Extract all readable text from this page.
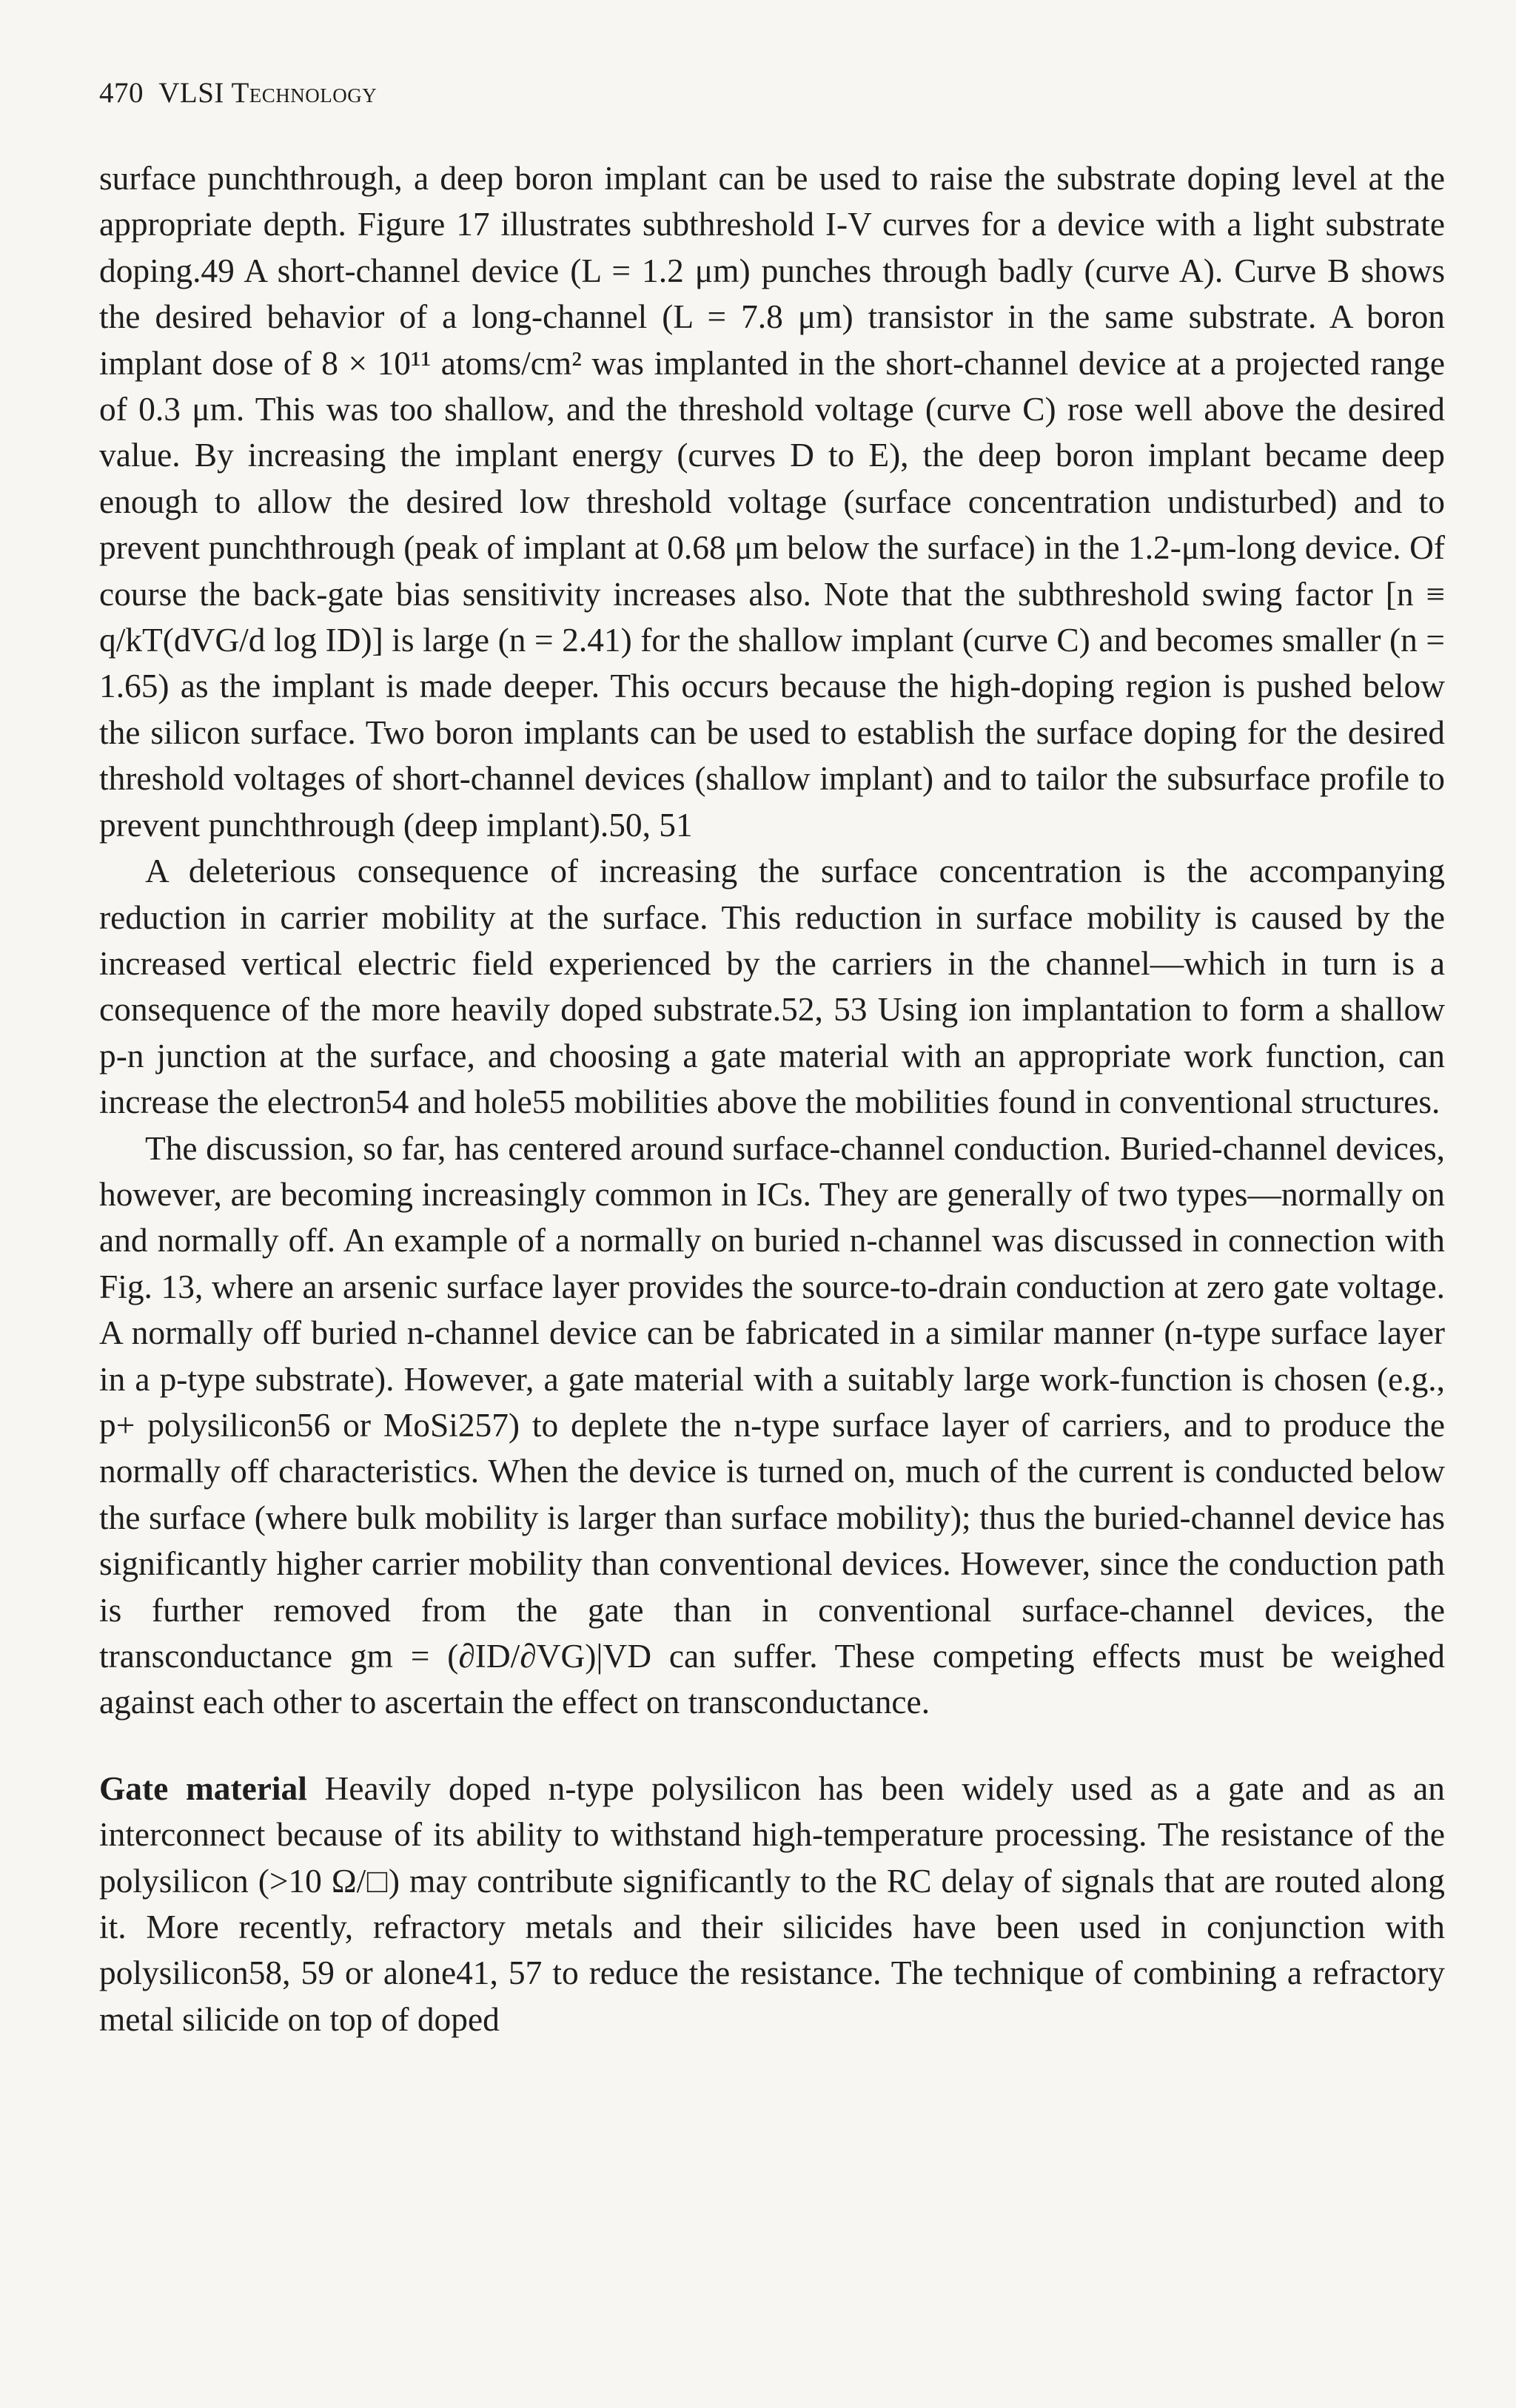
470 VLSI Technology

surface punchthrough, a deep boron implant can be used to raise the substrate doping level at the appropriate depth. Figure 17 illustrates subthreshold I-V curves for a device with a light substrate doping.49 A short-channel device (L = 1.2 μm) punches through badly (curve A). Curve B shows the desired behavior of a long-channel (L = 7.8 μm) transistor in the same substrate. A boron implant dose of 8 × 10¹¹ atoms/cm² was implanted in the short-channel device at a projected range of 0.3 μm. This was too shallow, and the threshold voltage (curve C) rose well above the desired value. By increasing the implant energy (curves D to E), the deep boron implant became deep enough to allow the desired low threshold voltage (surface concentration undisturbed) and to prevent punchthrough (peak of implant at 0.68 μm below the surface) in the 1.2-μm-long device. Of course the back-gate bias sensitivity increases also. Note that the subthreshold swing factor [n ≡ q/kT(dVG/d log ID)] is large (n = 2.41) for the shallow implant (curve C) and becomes smaller (n = 1.65) as the implant is made deeper. This occurs because the high-doping region is pushed below the silicon surface. Two boron implants can be used to establish the surface doping for the desired threshold voltages of short-channel devices (shallow implant) and to tailor the subsurface profile to prevent punchthrough (deep implant).50, 51

A deleterious consequence of increasing the surface concentration is the accompanying reduction in carrier mobility at the surface. This reduction in surface mobility is caused by the increased vertical electric field experienced by the carriers in the channel—which in turn is a consequence of the more heavily doped substrate.52, 53 Using ion implantation to form a shallow p-n junction at the surface, and choosing a gate material with an appropriate work function, can increase the electron54 and hole55 mobilities above the mobilities found in conventional structures.

The discussion, so far, has centered around surface-channel conduction. Buried-channel devices, however, are becoming increasingly common in ICs. They are generally of two types—normally on and normally off. An example of a normally on buried n-channel was discussed in connection with Fig. 13, where an arsenic surface layer provides the source-to-drain conduction at zero gate voltage. A normally off buried n-channel device can be fabricated in a similar manner (n-type surface layer in a p-type substrate). However, a gate material with a suitably large work-function is chosen (e.g., p+ polysilicon56 or MoSi257) to deplete the n-type surface layer of carriers, and to produce the normally off characteristics. When the device is turned on, much of the current is conducted below the surface (where bulk mobility is larger than surface mobility); thus the buried-channel device has significantly higher carrier mobility than conventional devices. However, since the conduction path is further removed from the gate than in conventional surface-channel devices, the transconductance gm = (∂ID/∂VG)|VD can suffer. These competing effects must be weighed against each other to ascertain the effect on transconductance.

Gate material Heavily doped n-type polysilicon has been widely used as a gate and as an interconnect because of its ability to withstand high-temperature processing. The resistance of the polysilicon (>10 Ω/□) may contribute significantly to the RC delay of signals that are routed along it. More recently, refractory metals and their silicides have been used in conjunction with polysilicon58, 59 or alone41, 57 to reduce the resistance. The technique of combining a refractory metal silicide on top of doped
